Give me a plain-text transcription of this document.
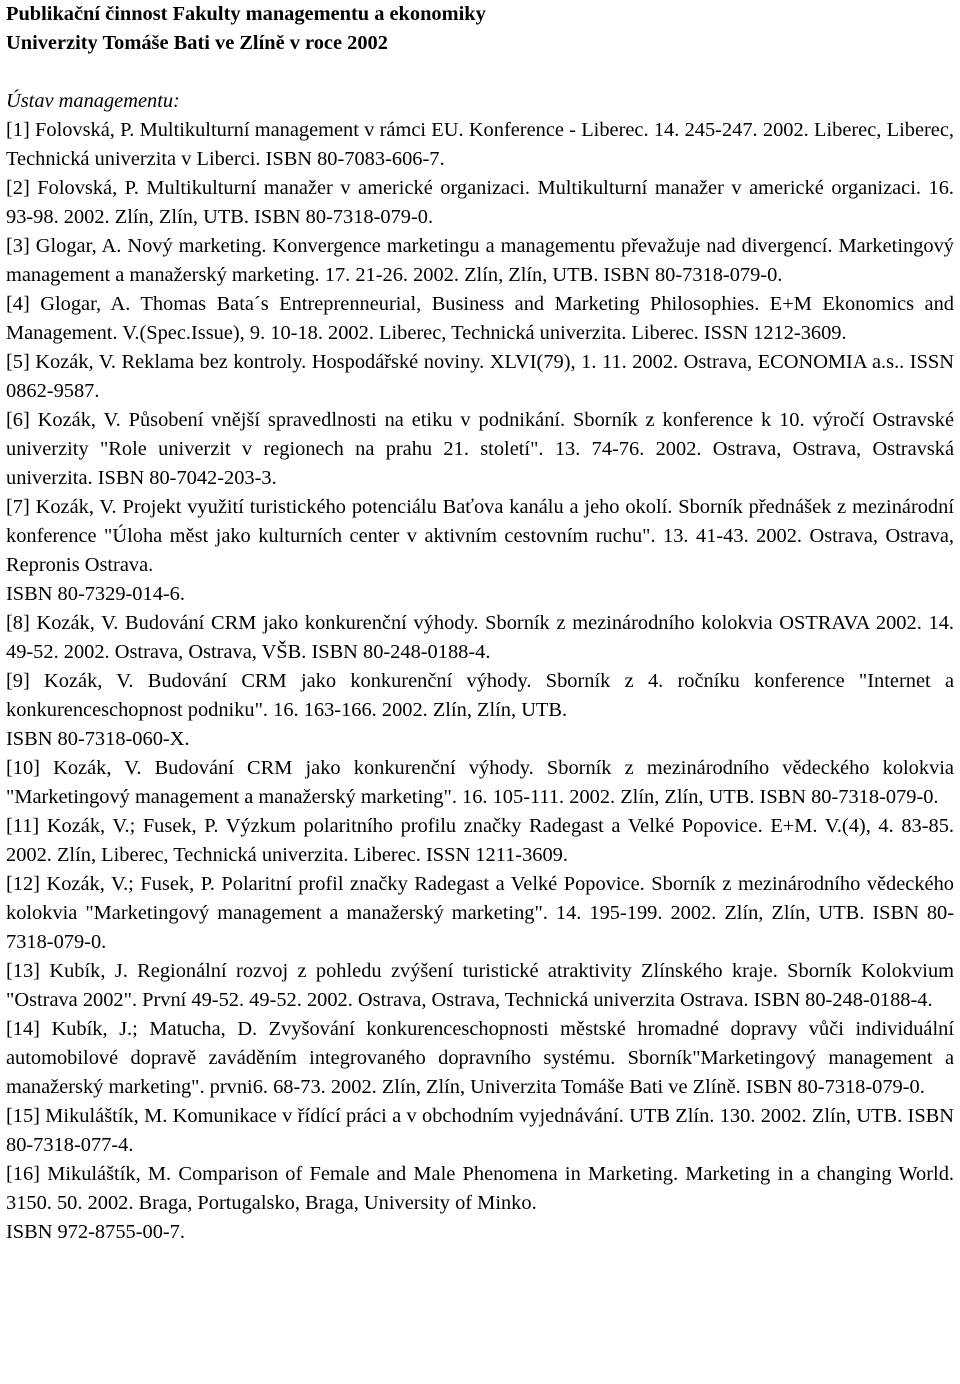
Publikační činnost Fakulty managementu a ekonomiky
Univerzity Tomáše Bati ve Zlíně v roce 2002
Ústav managementu:
[1] Folovská, P. Multikulturní management v rámci EU. Konference - Liberec. 14. 245-247. 2002. Liberec, Liberec, Technická univerzita v Liberci. ISBN 80-7083-606-7.
[2] Folovská, P. Multikulturní manažer v americké organizaci. Multikulturní manažer v americké organizaci. 16. 93-98. 2002. Zlín, Zlín, UTB. ISBN 80-7318-079-0.
[3] Glogar, A. Nový marketing. Konvergence marketingu a managementu převažuje nad divergencí. Marketingový management a manažerský marketing. 17. 21-26. 2002. Zlín, Zlín, UTB. ISBN 80-7318-079-0.
[4] Glogar, A. Thomas Bata´s Entreprenneurial, Business and Marketing Philosophies. E+M Ekonomics and Management. V.(Spec.Issue), 9. 10-18. 2002. Liberec, Technická univerzita. Liberec. ISSN 1212-3609.
[5] Kozák, V. Reklama bez kontroly. Hospodářské noviny. XLVI(79), 1. 11. 2002. Ostrava, ECONOMIA a.s.. ISSN 0862-9587.
[6] Kozák, V. Působení vnější spravedlnosti na etiku v podnikání. Sborník z konference k 10. výročí Ostravské univerzity "Role univerzit v regionech na prahu 21. století". 13. 74-76. 2002. Ostrava, Ostrava, Ostravská univerzita. ISBN 80-7042-203-3.
[7] Kozák, V. Projekt využití turistického potenciálu Baťova kanálu a jeho okolí. Sborník přednášek z mezinárodní konference "Úloha měst jako kulturních center v aktivním cestovním ruchu". 13. 41-43. 2002. Ostrava, Ostrava, Repronis Ostrava.
ISBN 80-7329-014-6.
[8] Kozák, V. Budování CRM jako konkurenční výhody. Sborník z mezinárodního kolokvia OSTRAVA 2002. 14. 49-52. 2002. Ostrava, Ostrava, VŠB. ISBN 80-248-0188-4.
[9] Kozák, V. Budování CRM jako konkurenční výhody. Sborník z 4. ročníku konference "Internet a konkurenceschopnost podniku". 16. 163-166. 2002. Zlín, Zlín, UTB.
ISBN 80-7318-060-X.
[10] Kozák, V. Budování CRM jako konkurenční výhody. Sborník z mezinárodního vědeckého kolokvia "Marketingový management a manažerský marketing". 16. 105-111. 2002. Zlín, Zlín, UTB. ISBN 80-7318-079-0.
[11] Kozák, V.; Fusek, P. Výzkum polaritního profilu značky Radegast a Velké Popovice. E+M. V.(4), 4. 83-85. 2002. Zlín, Liberec, Technická univerzita. Liberec. ISSN 1211-3609.
[12] Kozák, V.; Fusek, P. Polaritní profil značky Radegast a Velké Popovice. Sborník z mezinárodního vědeckého kolokvia "Marketingový management a manažerský marketing". 14. 195-199. 2002. Zlín, Zlín, UTB. ISBN 80-7318-079-0.
[13] Kubík, J. Regionální rozvoj z pohledu zvýšení turistické atraktivity Zlínského kraje. Sborník Kolokvium "Ostrava 2002". První 49-52. 49-52. 2002. Ostrava, Ostrava, Technická univerzita Ostrava. ISBN 80-248-0188-4.
[14] Kubík, J.; Matucha, D. Zvyšování konkurenceschopnosti městské hromadné dopravy vůči individuální automobilové dopravě zaváděním integrovaného dopravního systému. Sborník"Marketingový management a manažerský marketing". prvni6. 68-73. 2002. Zlín, Zlín, Univerzita Tomáše Bati ve Zlíně. ISBN 80-7318-079-0.
[15] Mikuláštík, M. Komunikace v řídící práci a v obchodním vyjednávání. UTB Zlín. 130. 2002. Zlín, UTB. ISBN 80-7318-077-4.
[16] Mikuláštík, M. Comparison of Female and Male Phenomena in Marketing. Marketing in a changing World. 3150. 50. 2002. Braga, Portugalsko, Braga, University of Minko.
ISBN 972-8755-00-7.
